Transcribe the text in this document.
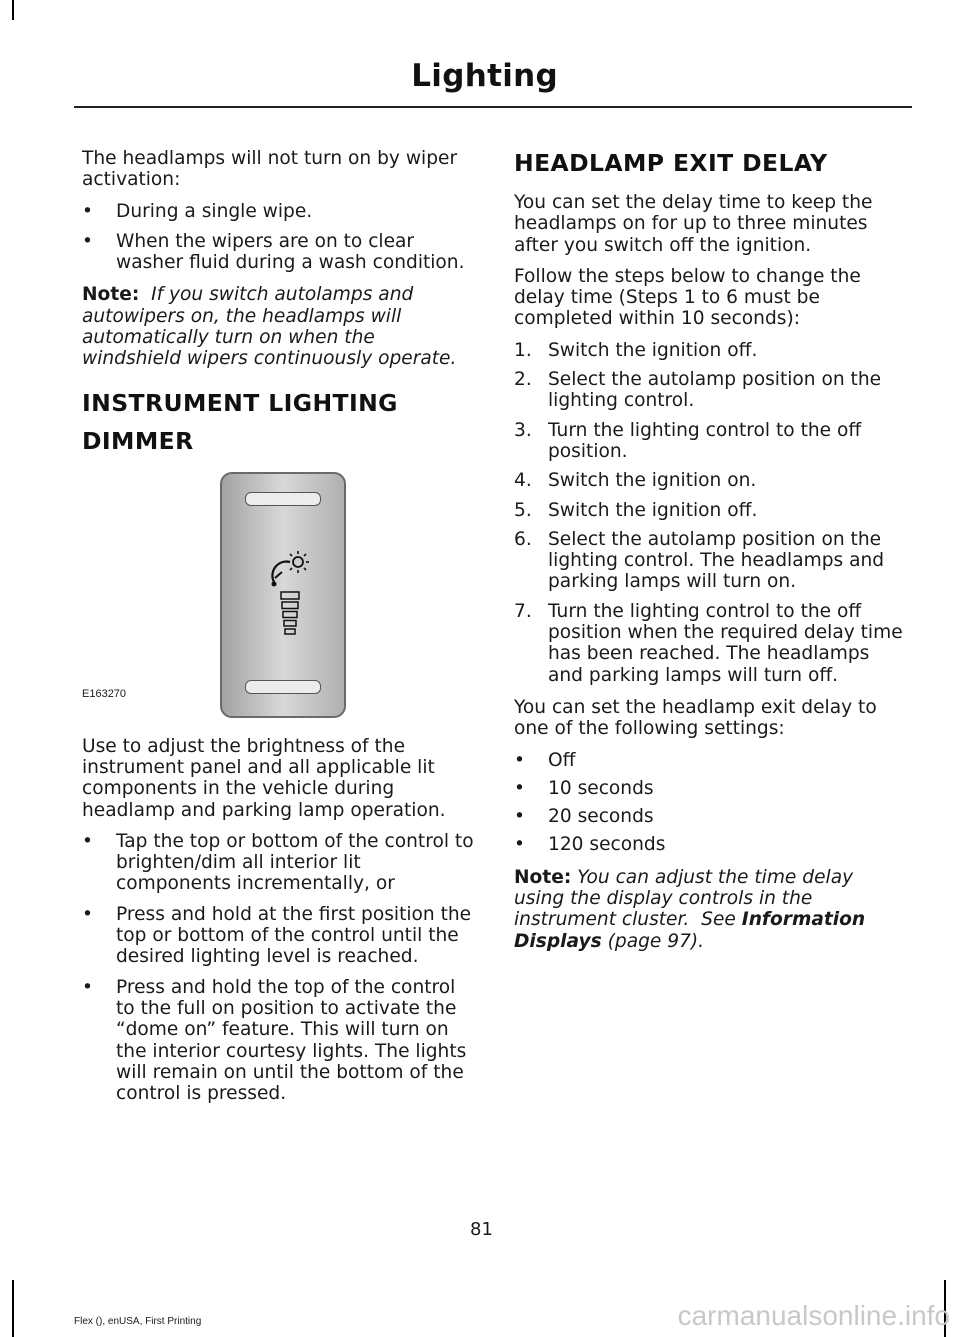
Lighting

The headlamps will not turn on by wiper activation:

• During a single wipe.
• When the wipers are on to clear washer fluid during a wash condition.

Note: If you switch autolamps and autowipers on, the headlamps will automatically turn on when the windshield wipers continuously operate.

INSTRUMENT LIGHTING
DIMMER
E163270

Use to adjust the brightness of the instrument panel and all applicable lit components in the vehicle during headlamp and parking lamp operation.

• Tap the top or bottom of the control to brighten/dim all interior lit components incrementally, or
• Press and hold at the first position the top or bottom of the control until the desired lighting level is reached.
• Press and hold the top of the control to the full on position to activate the “dome on” feature. This will turn on the interior courtesy lights. The lights will remain on until the bottom of the control is pressed.
HEADLAMP EXIT DELAY

You can set the delay time to keep the headlamps on for up to three minutes after you switch off the ignition.

Follow the steps below to change the delay time (Steps 1 to 6 must be completed within 10 seconds):

1. Switch the ignition off.
2. Select the autolamp position on the lighting control.
3. Turn the lighting control to the off position.
4. Switch the ignition on.
5. Switch the ignition off.
6. Select the autolamp position on the lighting control. The headlamps and parking lamps will turn on.
7. Turn the lighting control to the off position when the required delay time has been reached. The headlamps and parking lamps will turn off.

You can set the headlamp exit delay to one of the following settings:

• Off
• 10 seconds
• 20 seconds
• 120 seconds

Note: You can adjust the time delay using the display controls in the instrument cluster. See Information Displays (page 97).

81
Flex (), enUSA, First Printing	carmanualsonline.info
